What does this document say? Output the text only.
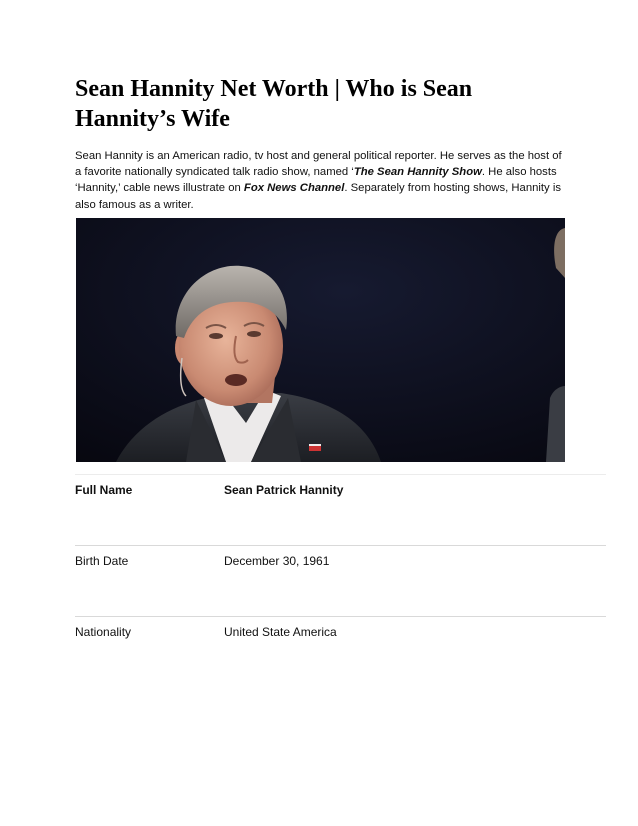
Sean Hannity Net Worth | Who is Sean Hannity’s Wife

Sean Hannity is an American radio, tv host and general political reporter. He serves as the host of a favorite nationally syndicated talk radio show, named ‘The Sean Hannity Show. He also hosts ‘Hannity,’ cable news illustrate on Fox News Channel. Separately from hosting shows, Hannity is also famous as a writer.

Full Name	Sean Patrick Hannity
Birth Date	December 30, 1961
Nationality	United State America
